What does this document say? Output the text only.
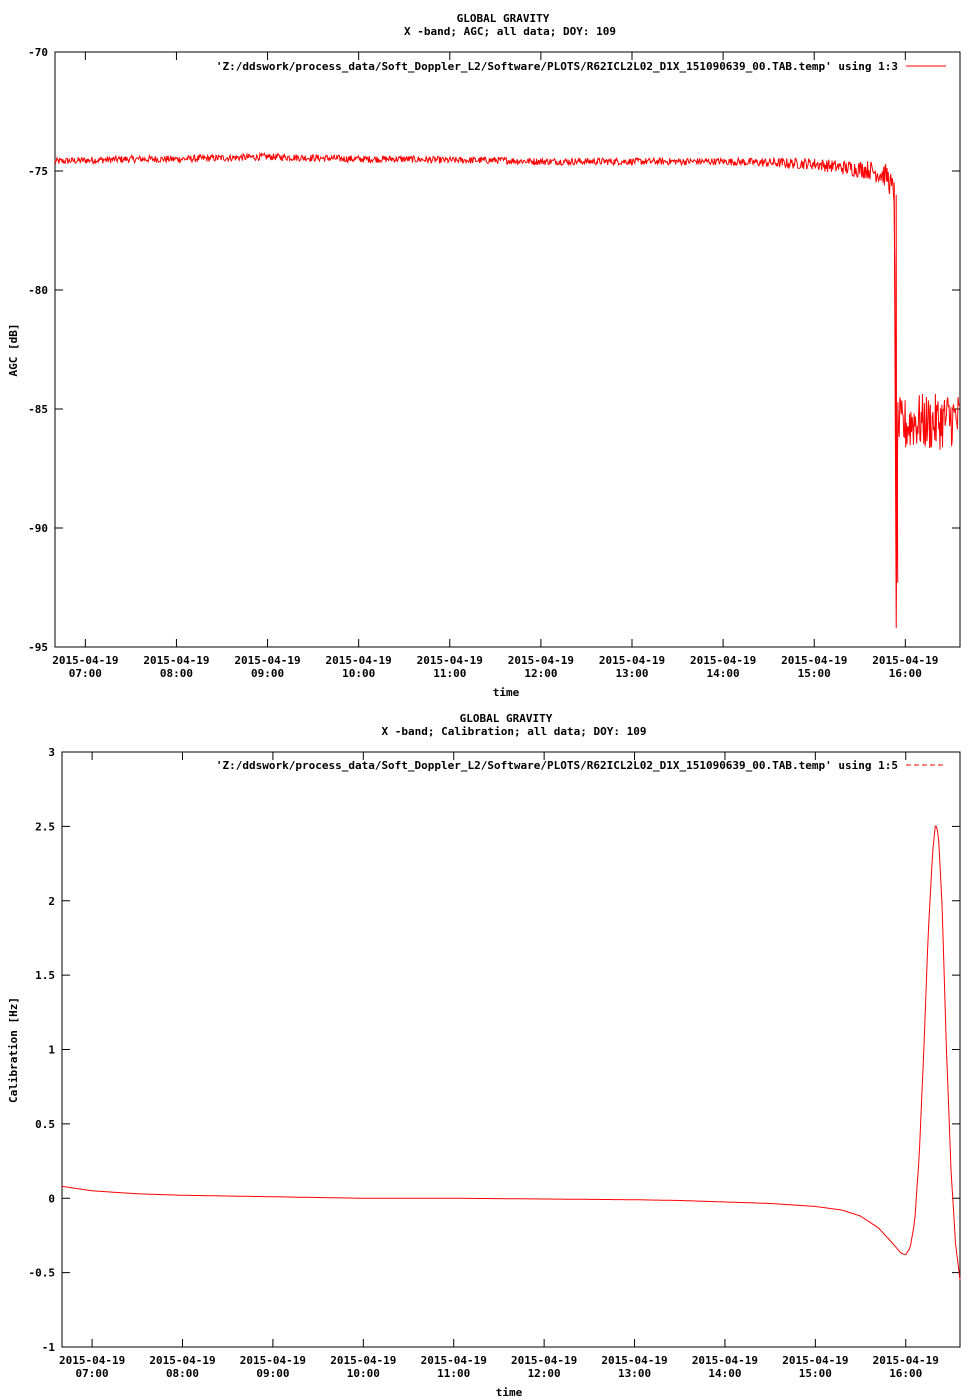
GLOBAL GRAVITY
X -band; AGC; all data; DOY: 109
-70
-75
-80
-85
-90
-95
2015-04-19
07:00
2015-04-19
08:00
2015-04-19
09:00
2015-04-19
10:00
2015-04-19
11:00
2015-04-19
12:00
2015-04-19
13:00
2015-04-19
14:00
2015-04-19
15:00
2015-04-19
16:00
'Z:/ddswork/process_data/Soft_Doppler_L2/Software/PLOTS/R62ICL2L02_D1X_151090639_00.TAB.temp' using 1:3
time
AGC [dB]
GLOBAL GRAVITY
X -band; Calibration; all data; DOY: 109
3
2.5
2
1.5
1
0.5
0
-0.5
-1
2015-04-19
07:00
2015-04-19
08:00
2015-04-19
09:00
2015-04-19
10:00
2015-04-19
11:00
2015-04-19
12:00
2015-04-19
13:00
2015-04-19
14:00
2015-04-19
15:00
2015-04-19
16:00
'Z:/ddswork/process_data/Soft_Doppler_L2/Software/PLOTS/R62ICL2L02_D1X_151090639_00.TAB.temp' using 1:5
time
Calibration [Hz]
